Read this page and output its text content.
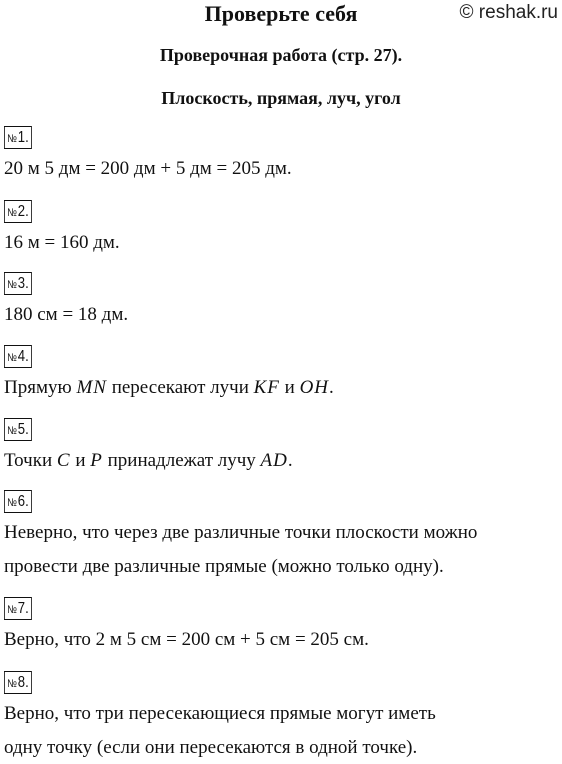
Проверьте себя	© reshak.ru
Проверочная работа (стр. 27).
Плоскость, прямая, луч, угол
№1.
20 м 5 дм = 200 дм + 5 дм = 205 дм.
№2.
16 м = 160 дм.
№3.
180 см = 18 дм.
№4.
Прямую MN пересекают лучи KF и OH.
№5.
Точки C и P принадлежат лучу AD.
№6.
Неверно, что через две различные точки плоскости можно
провести две различные прямые (можно только одну).
№7.
Верно, что 2 м 5 см = 200 см + 5 см = 205 см.
№8.
Верно, что три пересекающиеся прямые могут иметь
одну точку (если они пересекаются в одной точке).
